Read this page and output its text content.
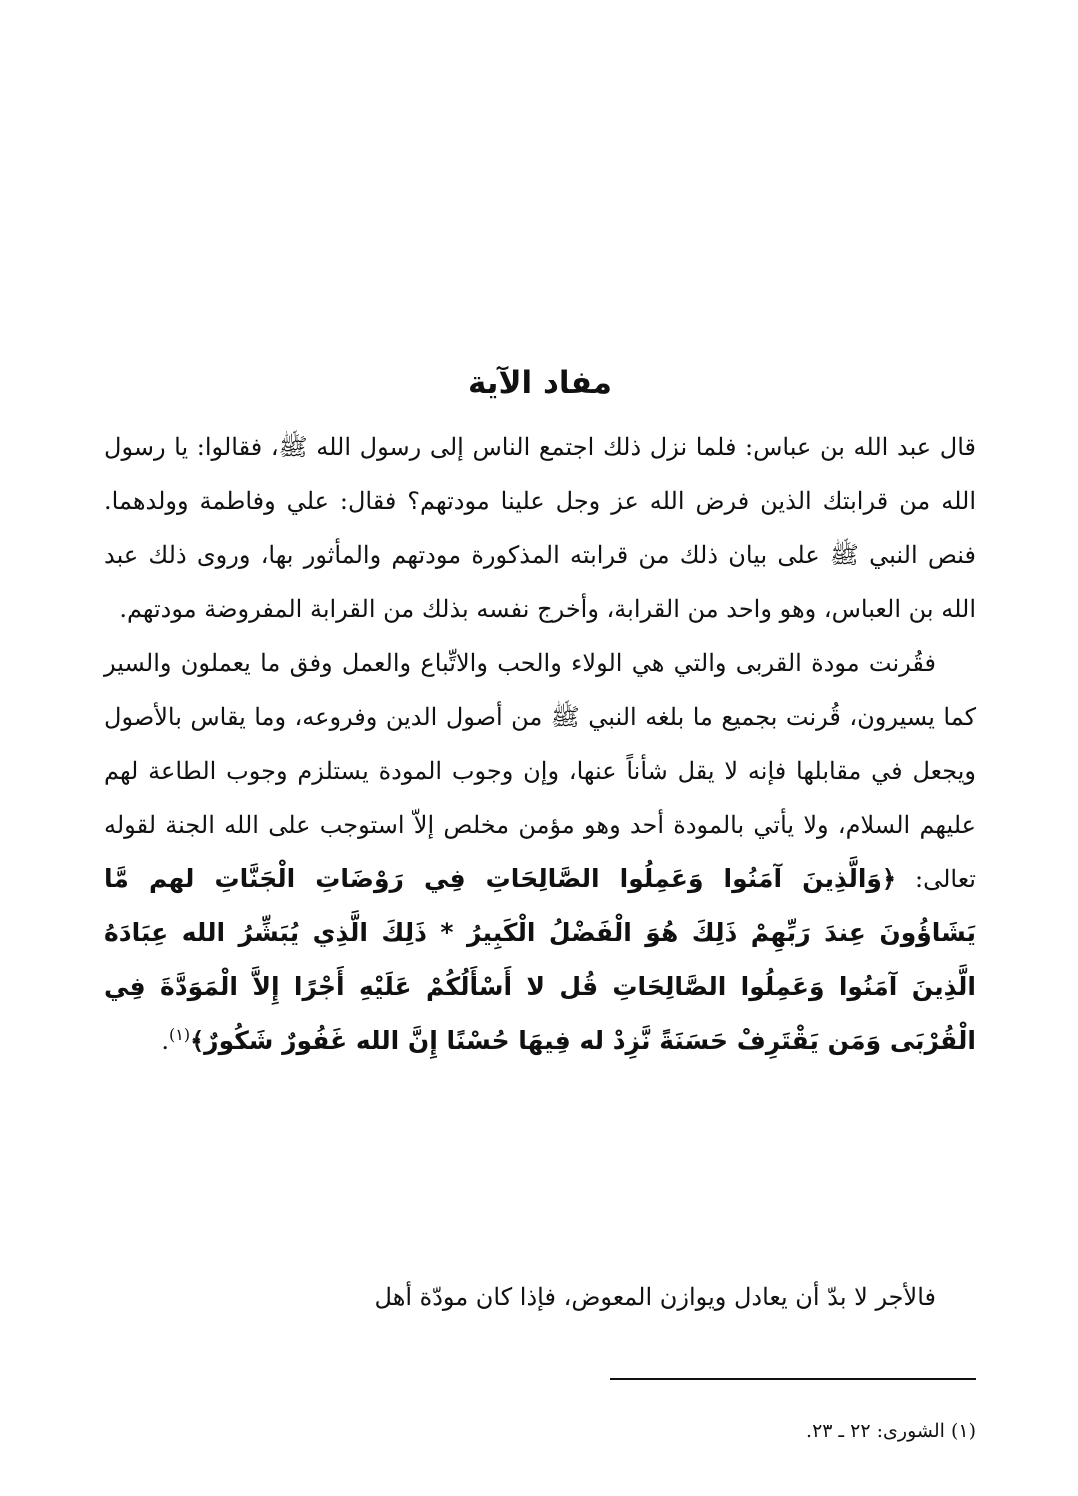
مفاد الآية

قال عبد الله بن عباس: فلما نزل ذلك اجتمع الناس إلى رسول الله ﷺ، فقالوا: يا رسول الله من قرابتك الذين فرض الله عز وجل علينا مودتهم؟ فقال: علي وفاطمة وولدهما. فنص النبي ﷺ على بيان ذلك من قرابته المذكورة مودتهم والمأثور بها، وروى ذلك عبد الله بن العباس، وهو واحد من القرابة، وأخرج نفسه بذلك من القرابة المفروضة مودتهم.

فقُرنت مودة القربى والتي هي الولاء والحب والاتِّباع والعمل وفق ما يعملون والسير كما يسيرون، قُرنت بجميع ما بلغه النبي ﷺ من أصول الدين وفروعه، وما يقاس بالأصول ويجعل في مقابلها فإنه لا يقل شأناً عنها، وإن وجوب المودة يستلزم وجوب الطاعة لهم عليهم السلام، ولا يأتي بالمودة أحد وهو مؤمن مخلص إلاّ استوجب على الله الجنة لقوله تعالى: ﴿وَالَّذِينَ آمَنُوا وَعَمِلُوا الصَّالِحَاتِ فِي رَوْضَاتِ الْجَنَّاتِ لهم مَّا يَشَاؤُونَ عِندَ رَبِّهِمْ ذَلِكَ هُوَ الْفَضْلُ الْكَبِيرُ * ذَلِكَ الَّذِي يُبَشِّرُ الله عِبَادَهُ الَّذِينَ آمَنُوا وَعَمِلُوا الصَّالِحَاتِ قُل لا أَسْأَلُكُمْ عَلَيْهِ أَجْرًا إِلاَّ الْمَوَدَّةَ فِي الْقُرْبَى وَمَن يَقْتَرِفْ حَسَنَةً نَّزِدْ له فِيهَا حُسْنًا إِنَّ الله غَفُورٌ شَكُورٌ﴾$^{(١)}$.

فالأجر لا بدّ أن يعادل ويوازن المعوض، فإذا كان مودّة أهل

(١) الشورى: ٢٢ ـ ٢٣.
